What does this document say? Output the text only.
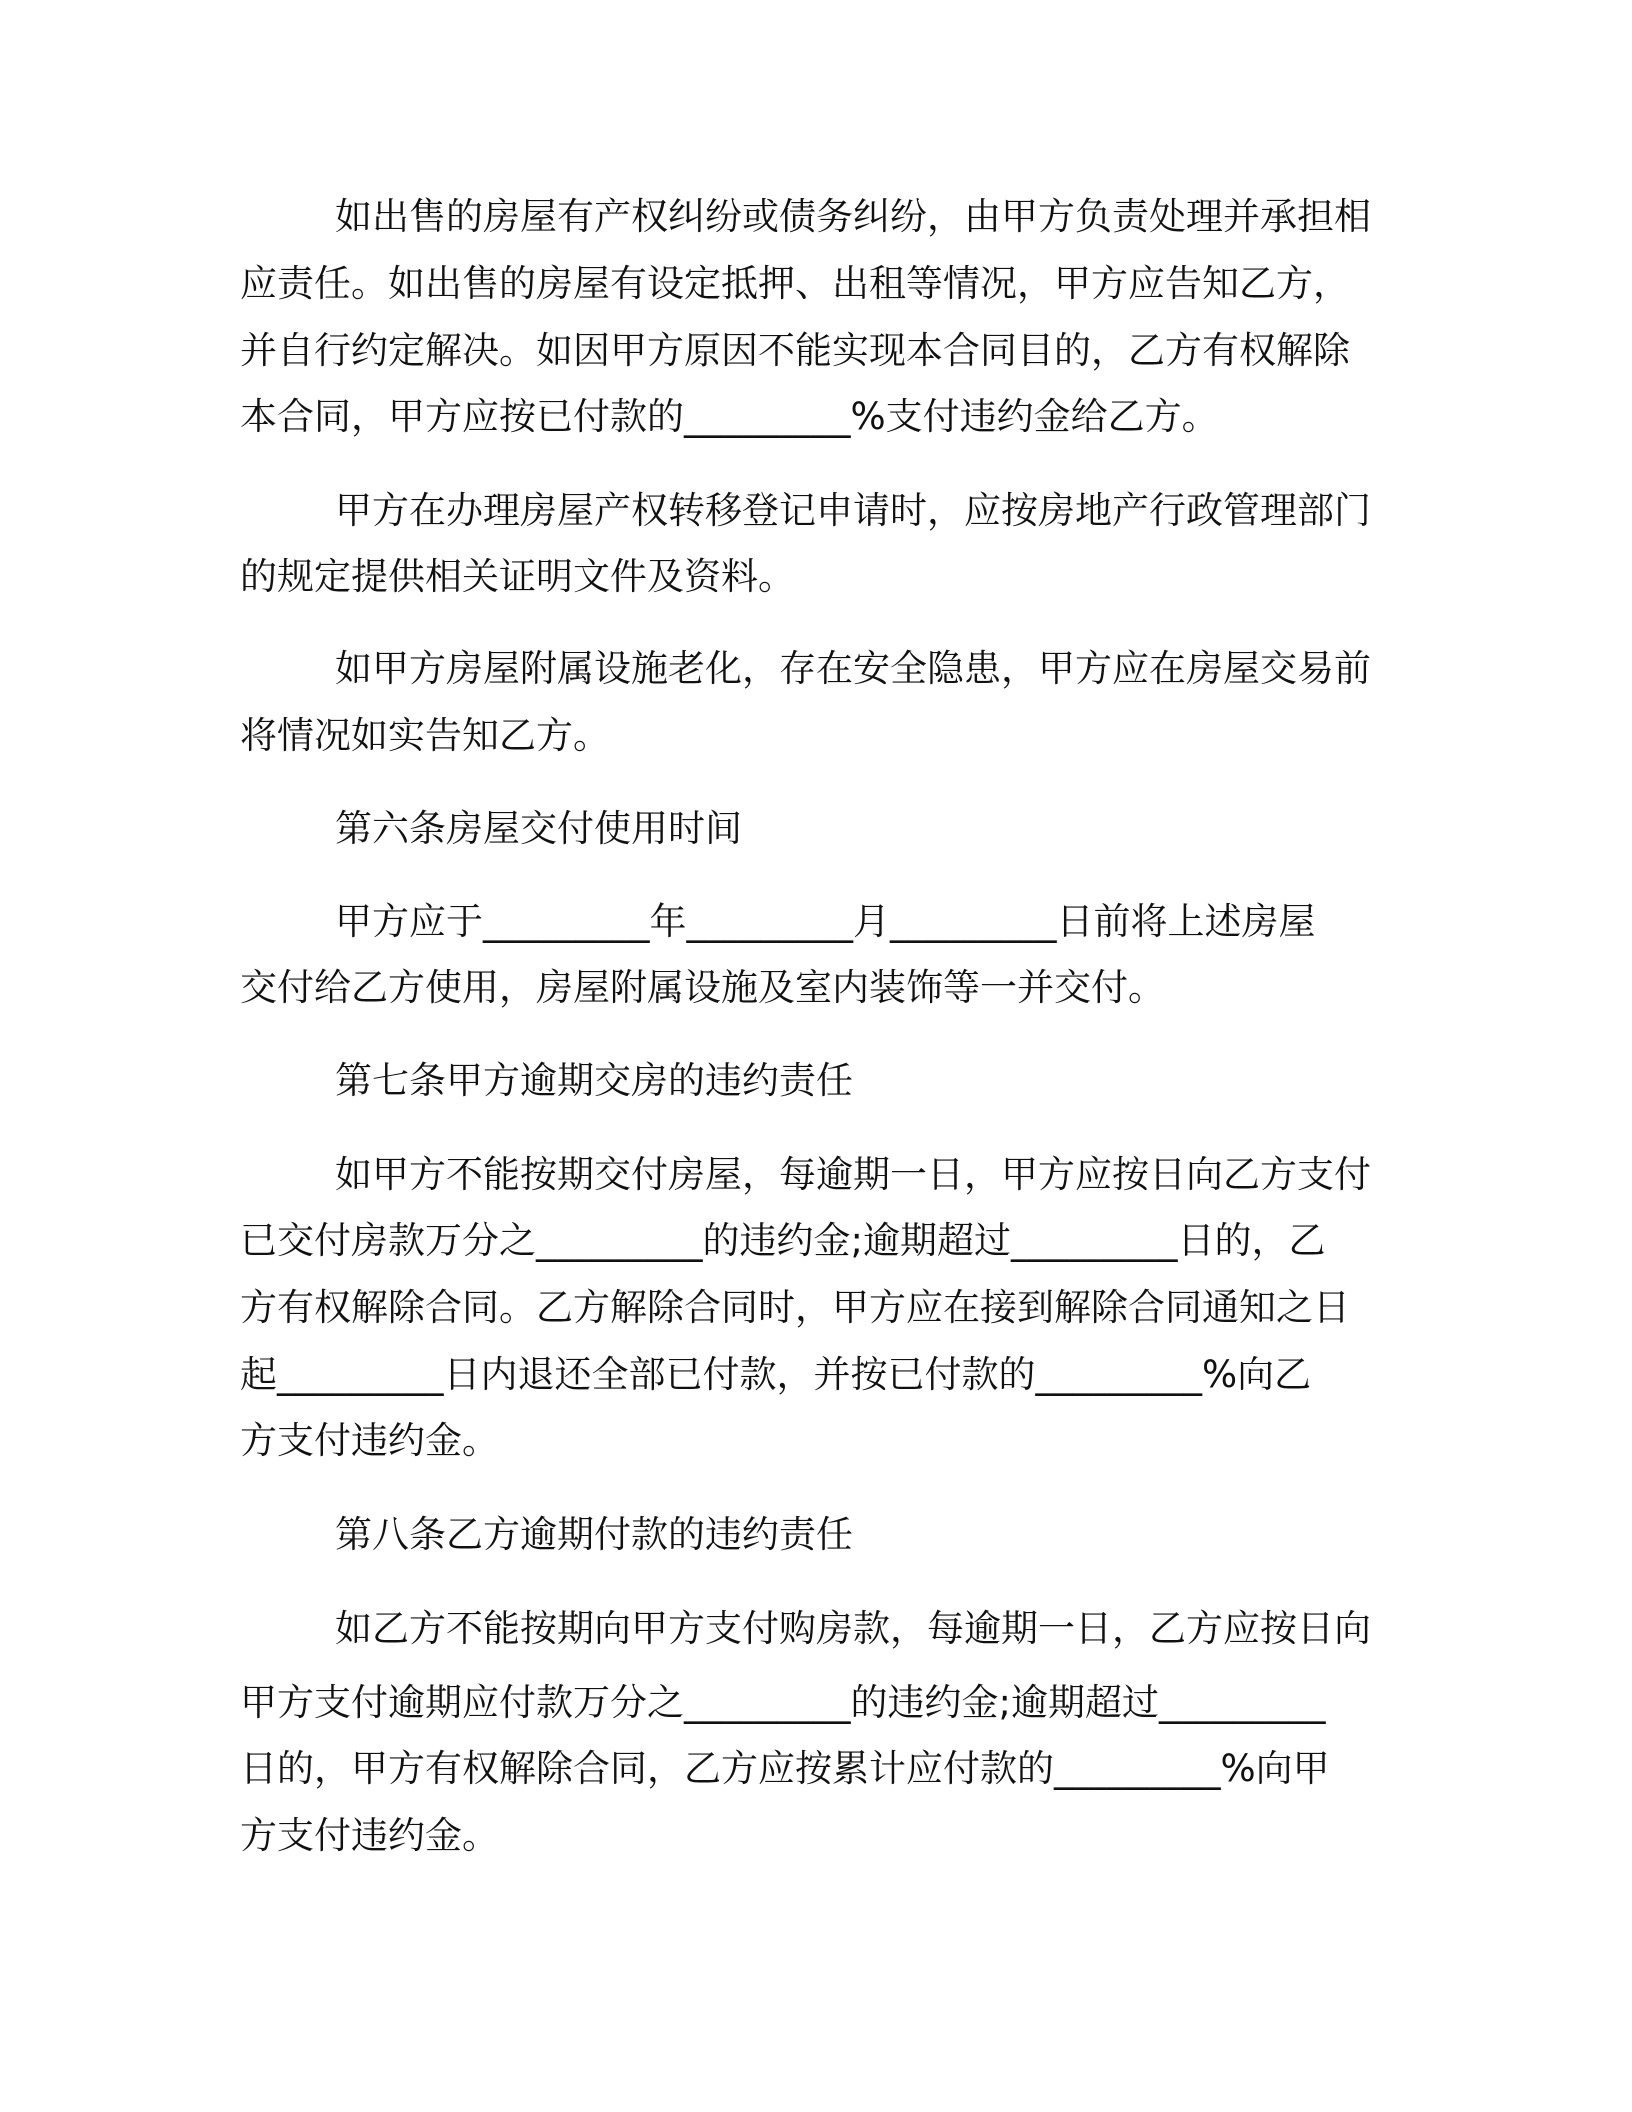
如出售的房屋有产权纠纷或债务纠纷，由甲方负责处理并承担相

应责任。如出售的房屋有设定抵押、出租等情况，甲方应告知乙方，

并自行约定解决。如因甲方原因不能实现本合同目的，乙方有权解除

本合同，甲方应按已付款的_________%支付违约金给乙方。

甲方在办理房屋产权转移登记申请时，应按房地产行政管理部门

的规定提供相关证明文件及资料。

如甲方房屋附属设施老化，存在安全隐患，甲方应在房屋交易前

将情况如实告知乙方。

第六条房屋交付使用时间

甲方应于_________年_________月_________日前将上述房屋

交付给乙方使用，房屋附属设施及室内装饰等一并交付。

第七条甲方逾期交房的违约责任

如甲方不能按期交付房屋，每逾期一日，甲方应按日向乙方支付

已交付房款万分之_________的违约金;逾期超过_________日的，乙

方有权解除合同。乙方解除合同时，甲方应在接到解除合同通知之日

起_________日内退还全部已付款，并按已付款的_________%向乙

方支付违约金。

第八条乙方逾期付款的违约责任

如乙方不能按期向甲方支付购房款，每逾期一日，乙方应按日向

甲方支付逾期应付款万分之_________的违约金;逾期超过_________

日的，甲方有权解除合同，乙方应按累计应付款的_________%向甲

方支付违约金。
